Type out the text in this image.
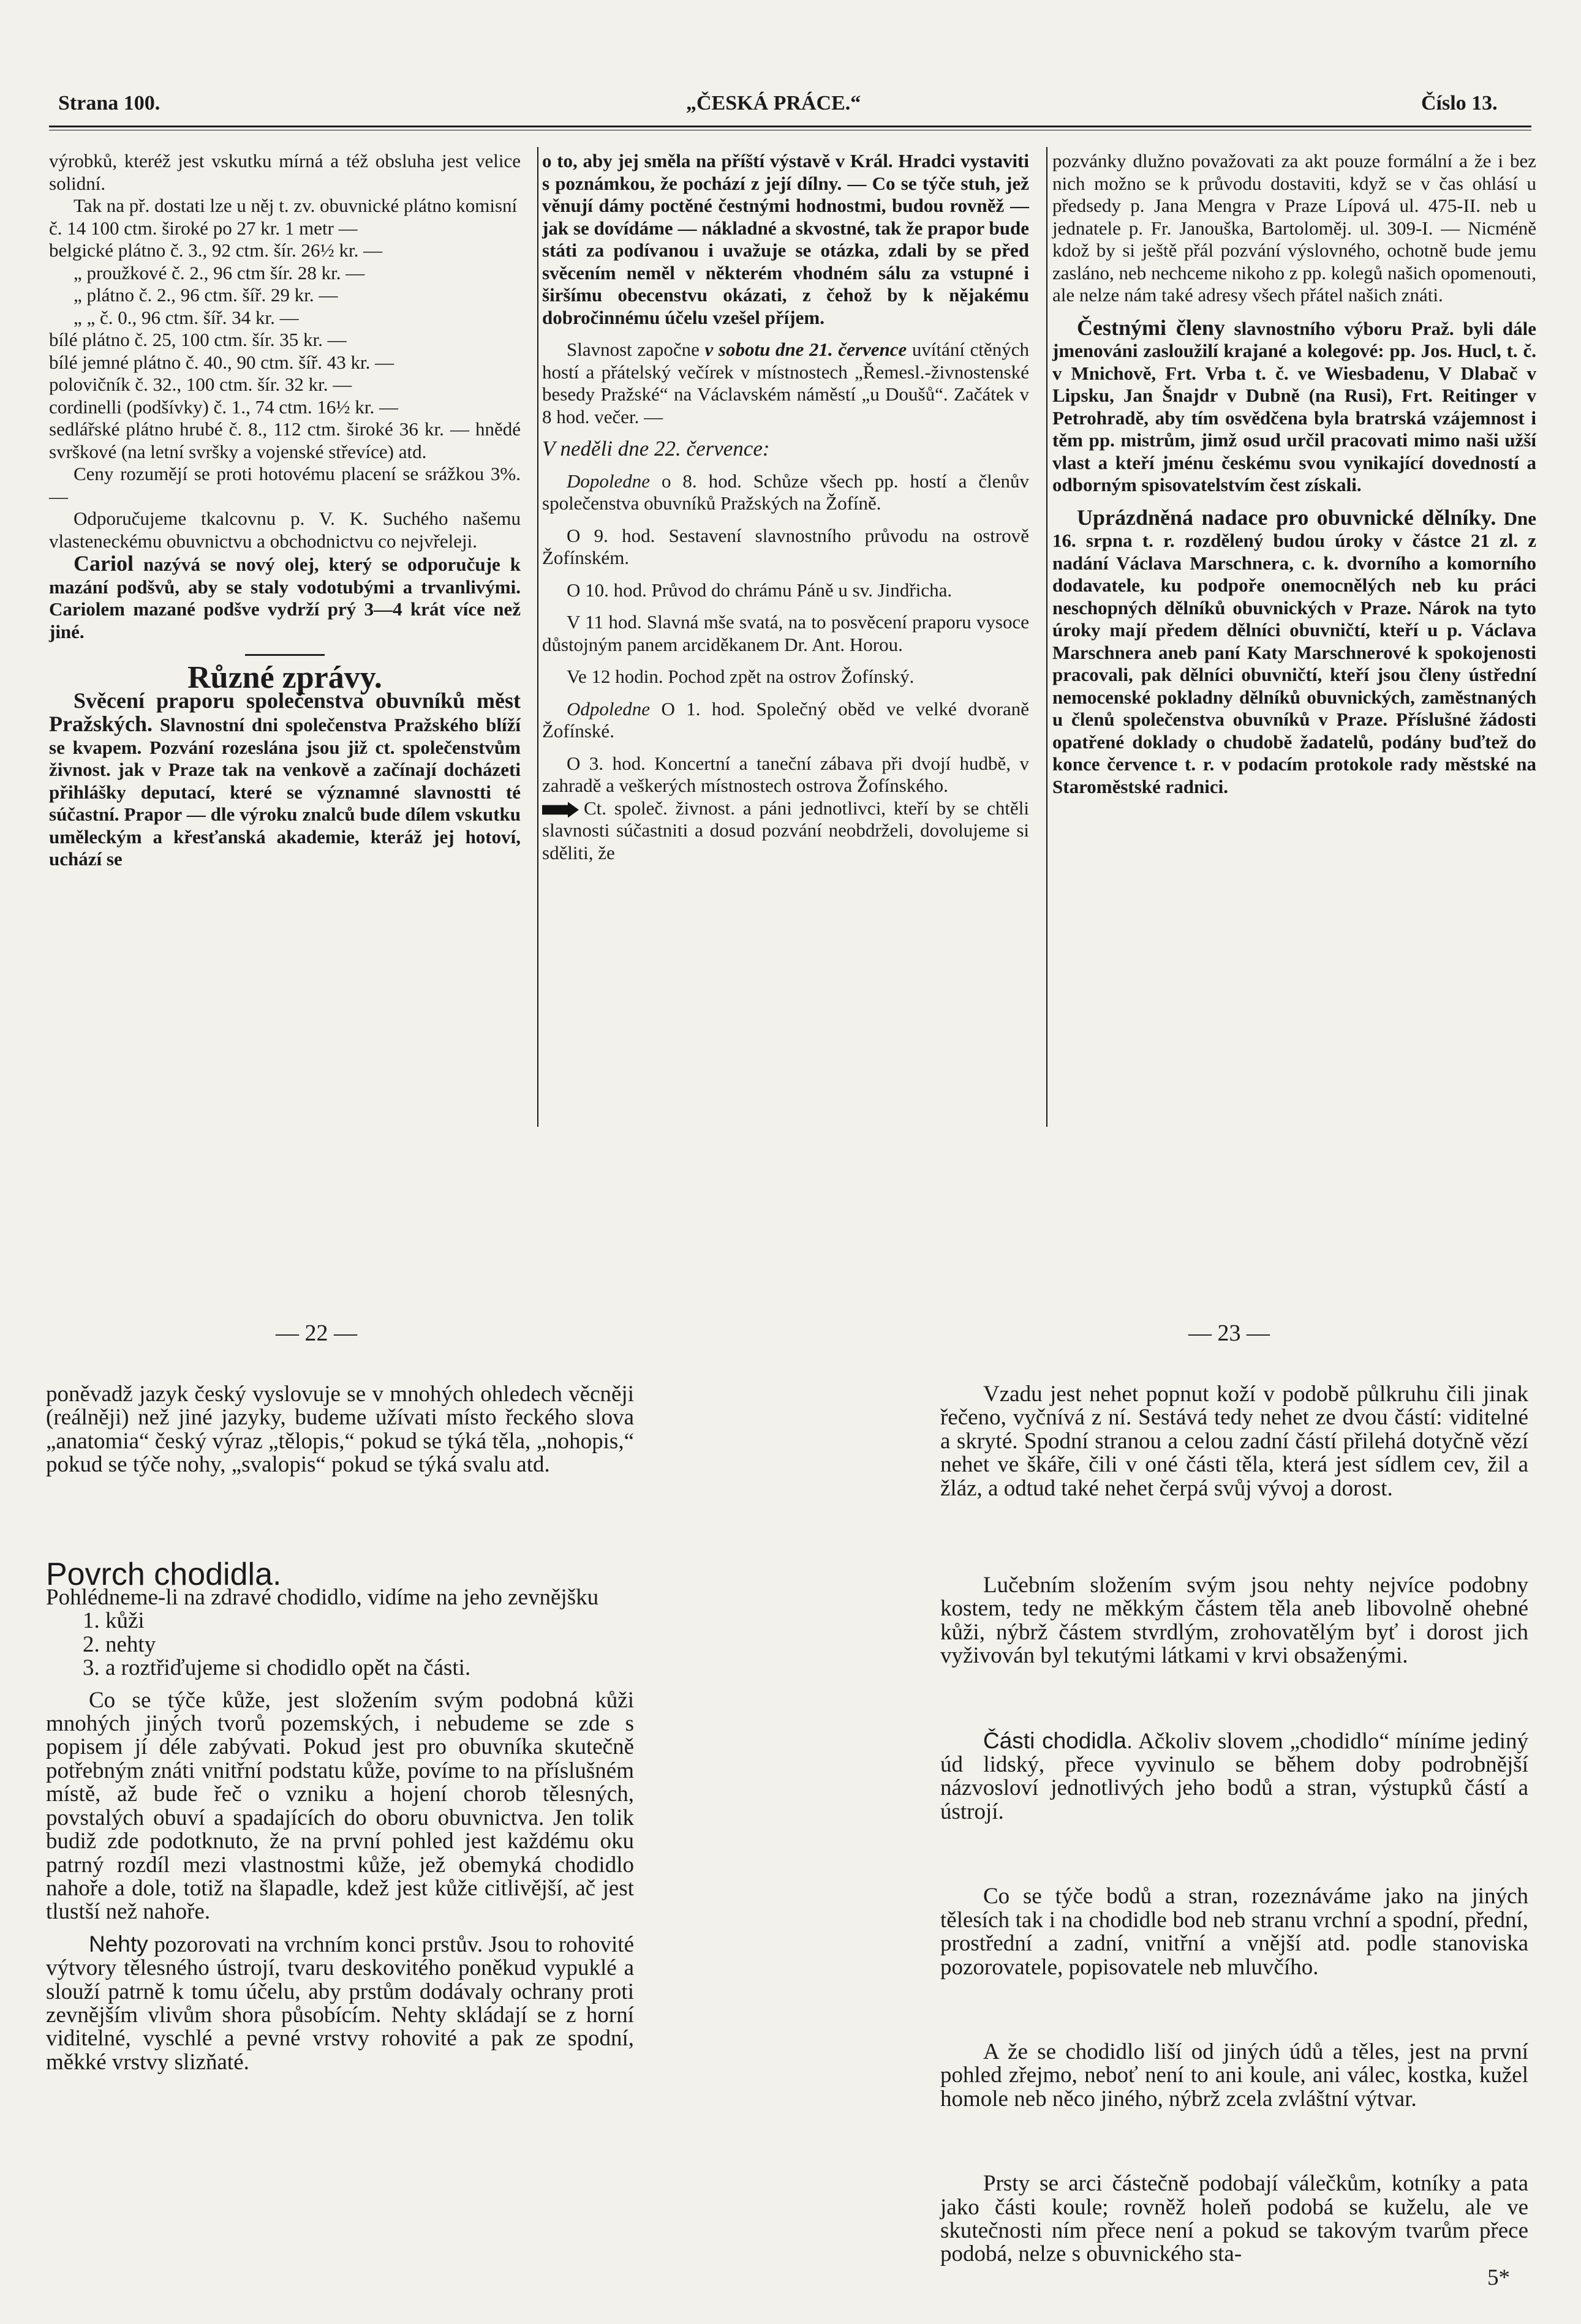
Strana 100.	„ČESKÁ PRÁCE.“	Číslo 13.

výrobků, kteréž jest vskutku mírná a též obsluha jest velice solidní.

Tak na př. dostati lze u něj t. zv. obuvnické plátno komisní

č. 14 100 ctm. široké po 27 kr. 1 metr —

belgické plátno č. 3., 92 ctm. šír. 26½ kr. —

„ proužkové č. 2., 96 ctm šír. 28 kr. —

„ plátno č. 2., 96 ctm. šíř. 29 kr. —

„ „ č. 0., 96 ctm. šíř. 34 kr. —

bílé plátno č. 25, 100 ctm. šír. 35 kr. —

bílé jemné plátno č. 40., 90 ctm. šíř. 43 kr. —

polovičník č. 32., 100 ctm. šír. 32 kr. —

cordinelli (podšívky) č. 1., 74 ctm. 16½ kr. —

sedlářské plátno hrubé č. 8., 112 ctm. široké 36 kr. — hnědé svrškové (na letní svršky a vojenské střevíce) atd.

Ceny rozumějí se proti hotovému placení se srážkou 3%. —

Odporučujeme tkalcovnu p. V. K. Suchého našemu vlasteneckému obuvnictvu a obchodnictvu co nejvřeleji.

Cariol nazývá se nový olej, který se odporučuje k mazání podšvů, aby se staly vodotubými a trvanlivými. Cariolem mazané podšve vydrží prý 3—4 krát více než jiné.

Různé zprávy.

Svěcení praporu společenstva obuvníků měst Pražských. Slavnostní dni společenstva Pražského blíží se kvapem. Pozvání rozeslána jsou již ct. společenstvům živnost. jak v Praze tak na venkově a začínají docházeti přihlášky deputací, které se významné slavnostti té súčastní. Prapor — dle výroku znalců bude dílem vskutku uměleckým a křesťanská akademie, kteráž jej hotoví, uchází se

o to, aby jej směla na příští výstavě v Král. Hradci vystaviti s poznámkou, že pochází z její dílny. — Co se týče stuh, jež věnují dámy poctěné čestnými hodnostmi, budou rovněž — jak se dovídáme — nákladné a skvostné, tak že prapor bude státi za podívanou i uvažuje se otázka, zdali by se před svěcením neměl v některém vhodném sálu za vstupné i širšímu obecenstvu okázati, z čehož by k nějakému dobročinnému účelu vzešel příjem.

Slavnost započne v sobotu dne 21. července uvítání ctěných hostí a přátelský večírek v místnostech „Řemesl.-živnostenské besedy Pražské“ na Václavském náměstí „u Doušů“. Začátek v 8 hod. večer. —

V neděli dne 22. července:

Dopoledne o 8. hod. Schůze všech pp. hostí a členův společenstva obuvníků Pražských na Žofíně.

O 9. hod. Sestavení slavnostního průvodu na ostrově Žofínském.

O 10. hod. Průvod do chrámu Páně u sv. Jindřicha.

V 11 hod. Slavná mše svatá, na to posvěcení praporu vysoce důstojným panem arciděkanem Dr. Ant. Horou.

Ve 12 hodin. Pochod zpět na ostrov Žofínský.

Odpoledne O 1. hod. Společný oběd ve velké dvoraně Žofínské.

O 3. hod. Koncertní a taneční zábava při dvojí hudbě, v zahradě a veškerých místnostech ostrova Žofínského.

Ct. společ. živnost. a páni jednotlivci, kteří by se chtěli slavnosti súčastniti a dosud pozvání neobdrželi, dovolujeme si sděliti, že

pozvánky dlužno považovati za akt pouze formální a že i bez nich možno se k průvodu dostaviti, když se v čas ohlásí u předsedy p. Jana Mengra v Praze Lípová ul. 475-II. neb u jednatele p. Fr. Janouška, Bartoloměj. ul. 309-I. — Nicméně kdož by si ještě přál pozvání výslovného, ochotně bude jemu zasláno, neb nechceme nikoho z pp. kolegů našich opomenouti, ale nelze nám také adresy všech přátel našich znáti.

Čestnými členy slavnostního výboru Praž. byli dále jmenováni zasloužilí krajané a kolegové: pp. Jos. Hucl, t. č. v Mnichově, Frt. Vrba t. č. ve Wiesbadenu, V Dlabač v Lipsku, Jan Šnajdr v Dubně (na Rusi), Frt. Reitinger v Petrohradě, aby tím osvědčena byla bratrská vzájemnost i těm pp. mistrům, jimž osud určil pracovati mimo naši užší vlast a kteří jménu českému svou vynikající dovedností a odborným spisovatelstvím čest získali.

Uprázdněná nadace pro obuvnické dělníky. Dne 16. srpna t. r. rozdělený budou úroky v částce 21 zl. z nadání Václava Marschnera, c. k. dvorního a komorního dodavatele, ku podpoře onemocnělých neb ku práci neschopných dělníků obuvnických v Praze. Nárok na tyto úroky mají předem dělníci obuvničtí, kteří u p. Václava Marschnera aneb paní Katy Marschnerové k spokojenosti pracovali, pak dělníci obuvničtí, kteří jsou členy ústřední nemocenské pokladny dělníků obuvnických, zaměstnaných u členů společenstva obuvníků v Praze. Příslušné žádosti opatřené doklady o chudobě žadatelů, podány buďtež do konce července t. r. v podacím protokole rady městské na Staroměstské radnici.

— 22 —	— 23 —

poněvadž jazyk český vyslovuje se v mnohých ohledech věcněji (reálněji) než jiné jazyky, budeme užívati místo řeckého slova „anatomia“ český výraz „tělopis,“ pokud se týká těla, „nohopis,“ pokud se týče nohy, „svalopis“ pokud se týká svalu atd.

Povrch chodidla.

Pohlédneme-li na zdravé chodidlo, vidíme na jeho zevnějšku

1. kůži

2. nehty

3. a roztřiďujeme si chodidlo opět na části.

Co se týče kůže, jest složením svým podobná kůži mnohých jiných tvorů pozemských, i nebudeme se zde s popisem jí déle zabývati. Pokud jest pro obuvníka skutečně potřebným znáti vnitřní podstatu kůže, povíme to na příslušném místě, až bude řeč o vzniku a hojení chorob tělesných, povstalých obuví a spadajících do oboru obuvnictva. Jen tolik budiž zde podotknuto, že na první pohled jest každému oku patrný rozdíl mezi vlastnostmi kůže, jež obemyká chodidlo nahoře a dole, totiž na šlapadle, kdež jest kůže citlivější, ač jest tlustší než nahoře.

Nehty pozorovati na vrchním konci prstův. Jsou to rohovité výtvory tělesného ústrojí, tvaru deskovitého poněkud vypuklé a slouží patrně k tomu účelu, aby prstům dodávaly ochrany proti zevnějším vlivům shora působícím. Nehty skládají se z horní viditelné, vyschlé a pevné vrstvy rohovité a pak ze spodní, měkké vrstvy slizňaté.

Vzadu jest nehet popnut koží v podobě půlkruhu čili jinak řečeno, vyčnívá z ní. Sestává tedy nehet ze dvou částí: viditelné a skryté. Spodní stranou a celou zadní částí přilehá dotyčně vězí nehet ve škáře, čili v oné části těla, která jest sídlem cev, žil a žláz, a odtud také nehet čerpá svůj vývoj a dorost.

Lučebním složením svým jsou nehty nejvíce podobny kostem, tedy ne měkkým částem těla aneb libovolně ohebné kůži, nýbrž částem stvrdlým, zrohovatělým byť i dorost jich vyživován byl tekutými látkami v krvi obsaženými.

Části chodidla. Ačkoliv slovem „chodidlo“ míníme jediný úd lidský, přece vyvinulo se během doby podrobnější názvosloví jednotlivých jeho bodů a stran, výstupků částí a ústrojí.

Co se týče bodů a stran, rozeznáváme jako na jiných tělesích tak i na chodidle bod neb stranu vrchní a spodní, přední, prostřední a zadní, vnitřní a vnější atd. podle stanoviska pozorovatele, popisovatele neb mluvčího.

A že se chodidlo liší od jiných údů a těles, jest na první pohled zřejmo, neboť není to ani koule, ani válec, kostka, kužel homole neb něco jiného, nýbrž zcela zvláštní výtvar.

Prsty se arci částečně podobají válečkům, kotníky a pata jako části koule; rovněž holeň podobá se kuželu, ale ve skutečnosti ním přece není a pokud se takovým tvarům přece podobá, nelze s obuvnického sta-

5*
